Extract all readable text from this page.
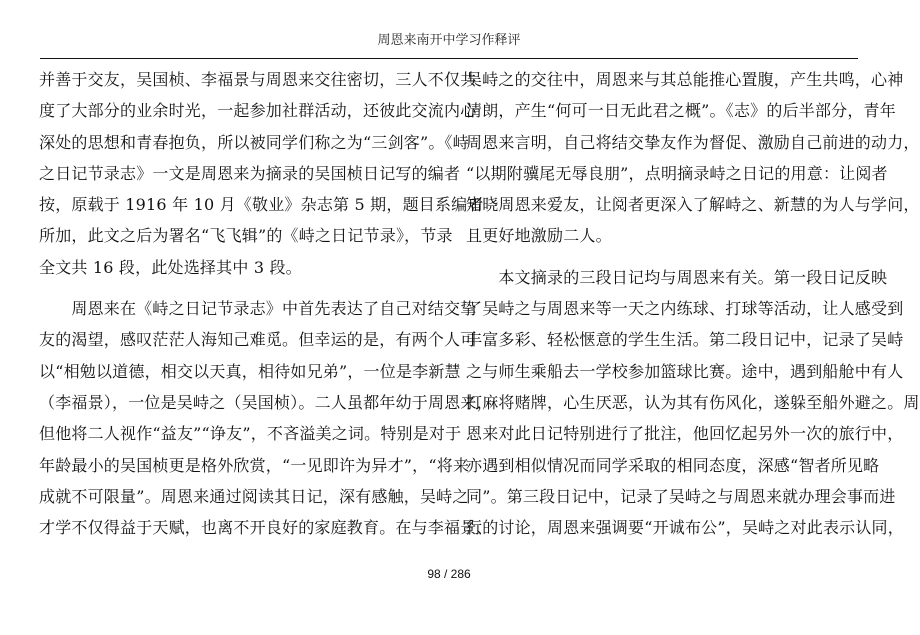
周恩来南开中学习作释评
并善于交友，吴国桢、李福景与周恩来交往密切，三人不仅共
度了大部分的业余时光，一起参加社群活动，还彼此交流内心
深处的思想和青春抱负，所以被同学们称之为“三剑客”。《峙
之日记节录志》一文是周恩来为摘录的吴国桢日记写的编者
按，原载于 1916 年 10 月《敬业》杂志第 5 期，题目系编者
所加，此文之后为署名“飞飞辑”的《峙之日记节录》，节录
全文共 16 段，此处选择其中 3 段。
　　周恩来在《峙之日记节录志》中首先表达了自己对结交挚
友的渴望，感叹茫茫人海知己难觅。但幸运的是，有两个人可
以“相勉以道德，相交以天真，相待如兄弟”，一位是李新慧
（李福景），一位是吴峙之（吴国桢）。二人虽都年幼于周恩来，
但他将二人视作“益友”“诤友”，不吝溢美之词。特别是对于
年龄最小的吴国桢更是格外欣赏，“一见即许为异才”，“将来
成就不可限量”。周恩来通过阅读其日记，深有感触，吴峙之
才学不仅得益于天赋，也离不开良好的家庭教育。在与李福景、
吴峙之的交往中，周恩来与其总能推心置腹，产生共鸣，心神
清朗，产生“何可一日无此君之概”。《志》的后半部分，青年
周恩来言明，自己将结交挚友作为督促、激励自己前进的动力，
“以期附骥尾无辱良朋”，点明摘录峙之日记的用意：让阅者
知晓周恩来爱友，让阅者更深入了解峙之、新慧的为人与学问，
且更好地激励二人。
　　本文摘录的三段日记均与周恩来有关。第一段日记反映
了吴峙之与周恩来等一天之内练球、打球等活动，让人感受到
丰富多彩、轻松惬意的学生生活。第二段日记中，记录了吴峙
之与师生乘船去一学校参加篮球比赛。途中，遇到船舱中有人
打麻将赌牌，心生厌恶，认为其有伤风化，遂躲至船外避之。周
恩来对此日记特别进行了批注，他回忆起另外一次的旅行中，
亦遇到相似情况而同学采取的相同态度，深感“智者所见略
同”。第三段日记中，记录了吴峙之与周恩来就办理会事而进
行的讨论，周恩来强调要“开诚布公”，吴峙之对此表示认同，
98 / 286
